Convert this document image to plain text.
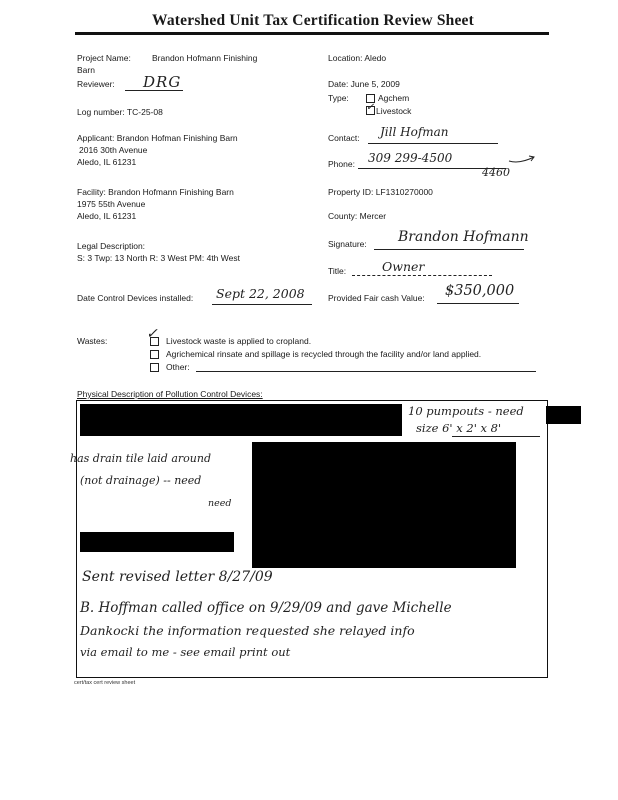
Watershed Unit Tax Certification Review Sheet
Project Name: Brandon Hofmann Finishing
Barn
Reviewer: DRG
Log number: TC-25-08
Applicant: Brandon Hofman Finishing Barn
2016 30th Avenue
Aledo, IL 61231
Facility: Brandon Hofmann Finishing Barn
1975 55th Avenue
Aledo, IL 61231
Legal Description:
S: 3 Twp: 13 North R: 3 West PM: 4th West
Date Control Devices installed: Sept 22, 2008
Location: Aledo
Date: June 5, 2009
Type:	Agchem
✓ Livestock
Contact: Jill Hofman
Phone: 309 299-4500
4460
Property ID: LF1310270000
County: Mercer
Signature: Brandon Hofmann
Title:	Owner
Provided Fair cash Value: $350,000
Wastes:	✓ Livestock waste is applied to cropland.
Agrichemical rinsate and spillage is recycled through the facility and/or land applied.
Other:
Physical Description of Pollution Control Devices:
10 pumpouts - need
size 6' x 2' x 8'
has drain tile laid around
(not drainage) -- need
need
Sent revised letter 8/27/09
B. Hoffman called office on 9/29/09 and gave Michelle
Dankocki the information requested she relayed info
via email to me - see email print out
cert/tax cert review sheet
